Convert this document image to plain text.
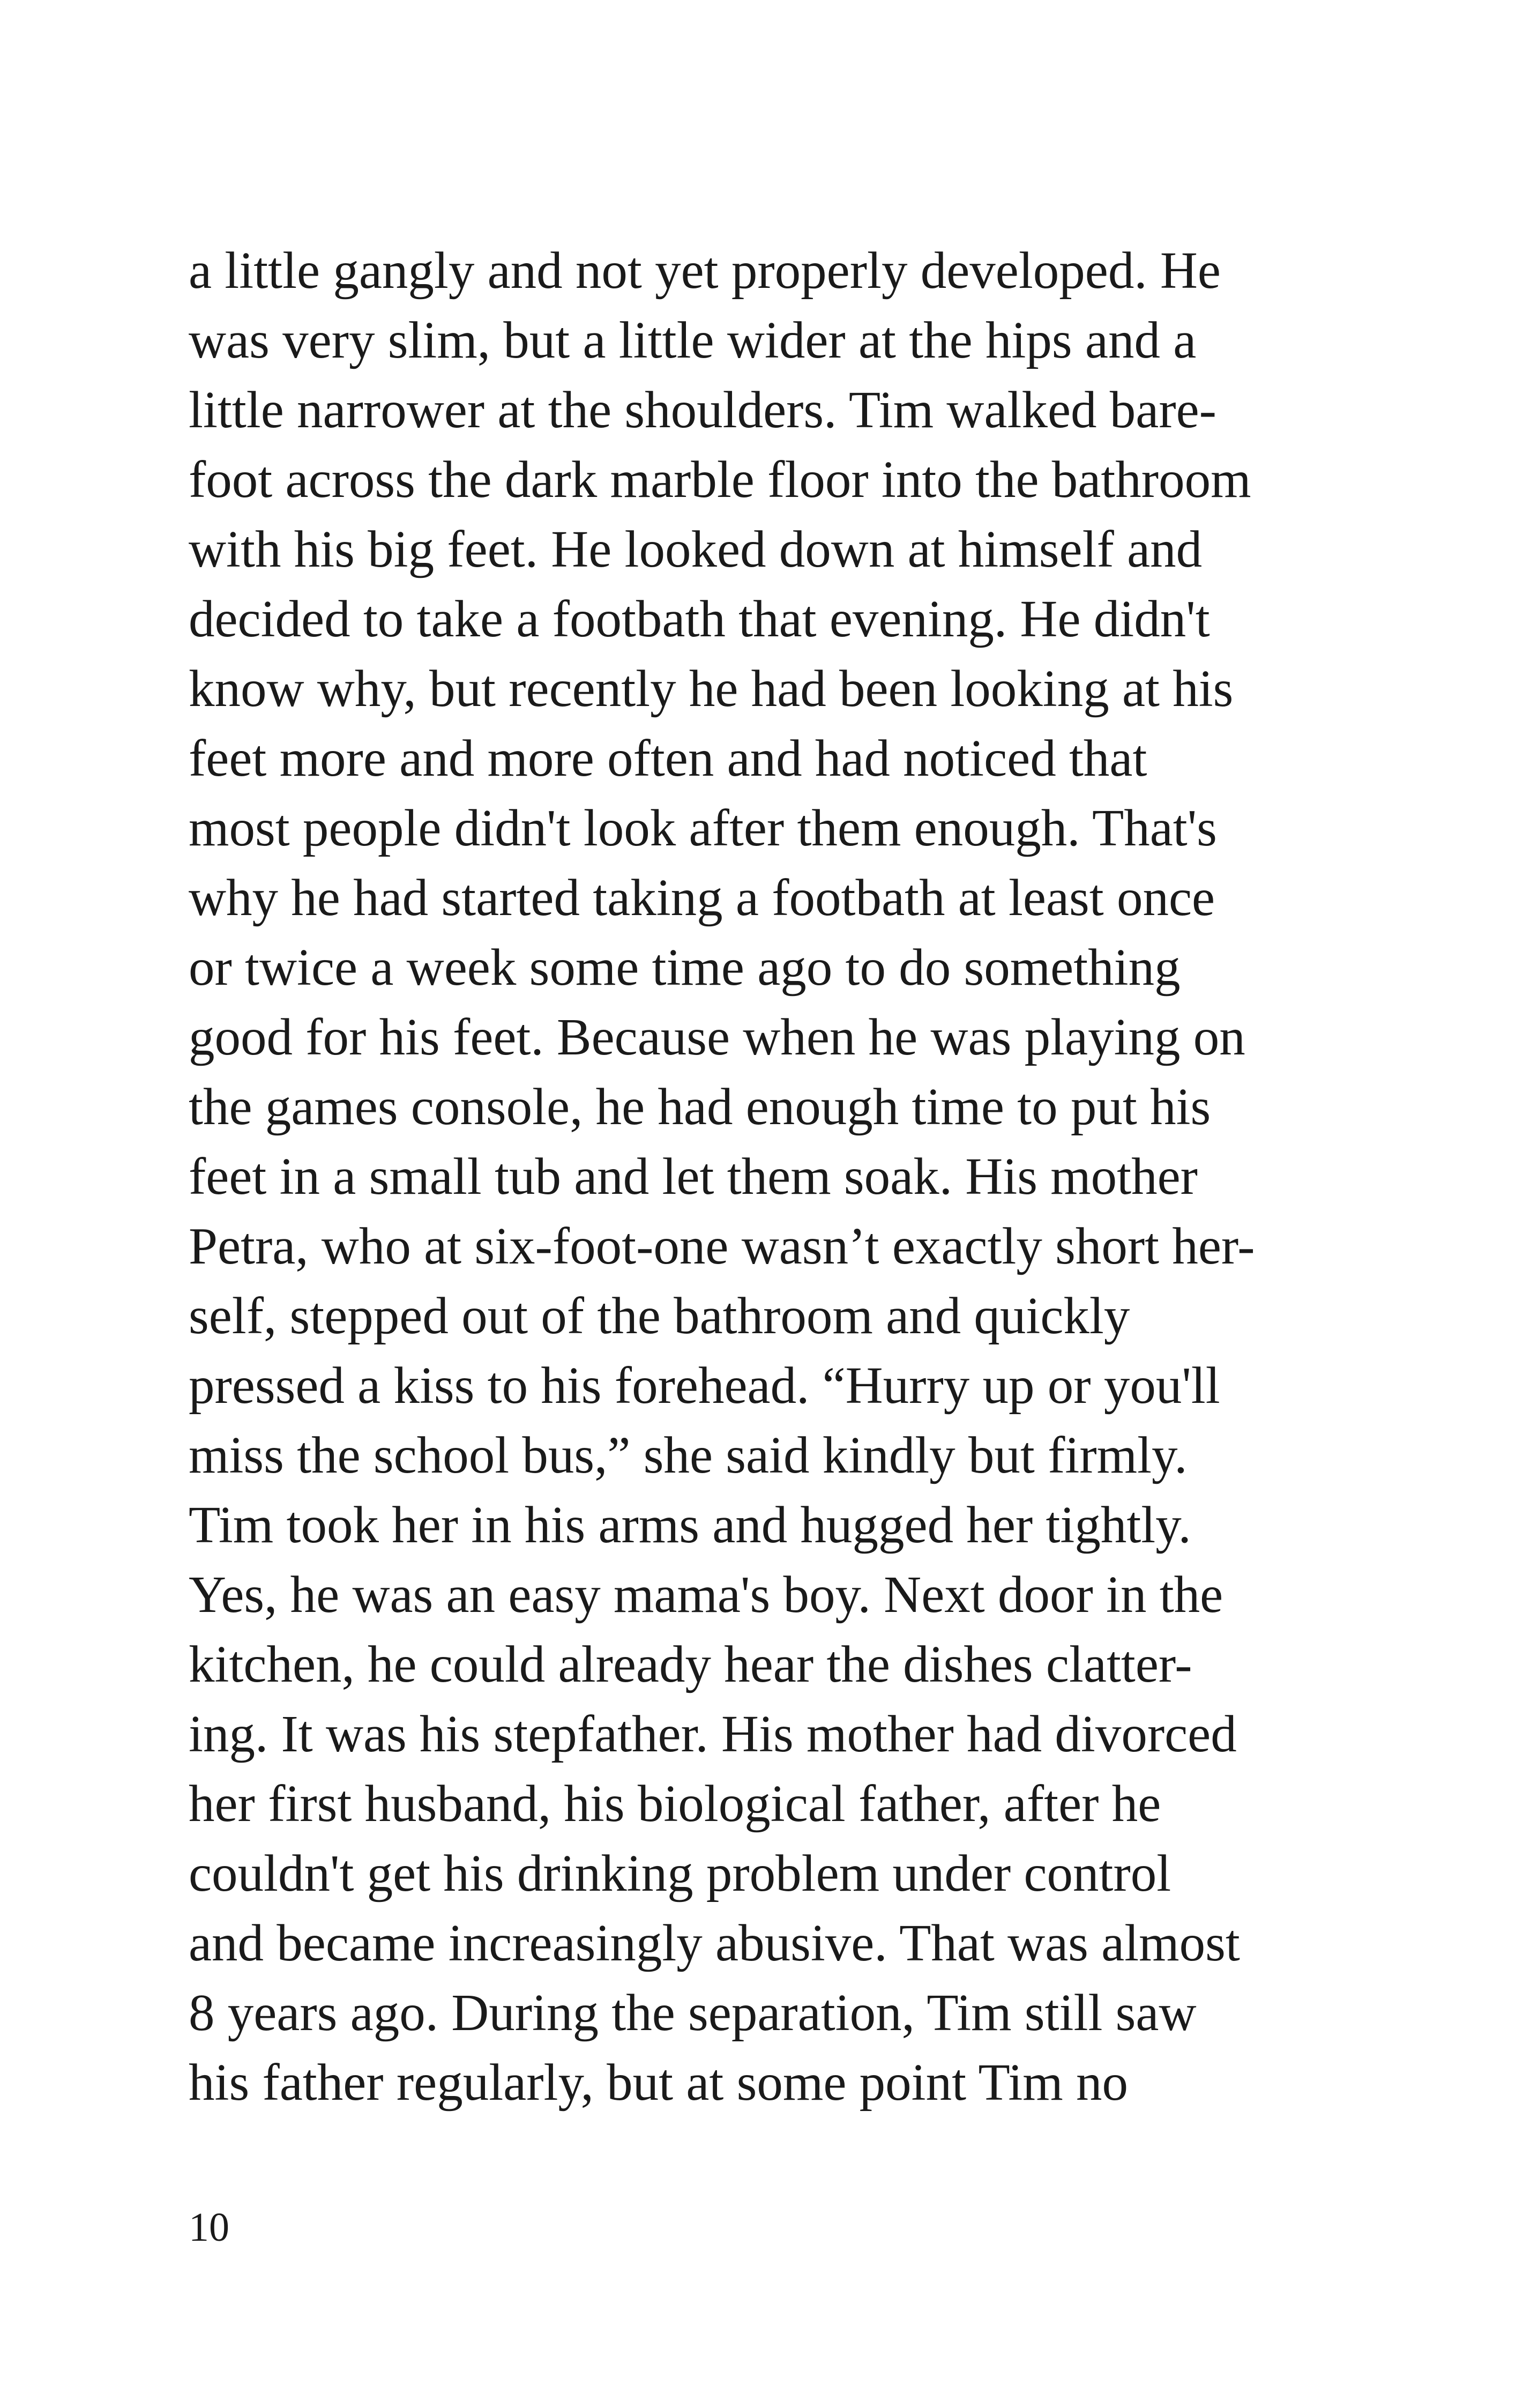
a little gangly and not yet properly developed. He
was very slim, but a little wider at the hips and a
little narrower at the shoulders. Tim walked bare-
foot across the dark marble floor into the bathroom
with his big feet. He looked down at himself and
decided to take a footbath that evening. He didn't
know why, but recently he had been looking at his
feet more and more often and had noticed that
most people didn't look after them enough. That's
why he had started taking a footbath at least once
or twice a week some time ago to do something
good for his feet. Because when he was playing on
the games console, he had enough time to put his
feet in a small tub and let them soak. His mother
Petra, who at six-foot-one wasn’t exactly short her-
self, stepped out of the bathroom and quickly
pressed a kiss to his forehead. “Hurry up or you'll
miss the school bus,” she said kindly but firmly.
Tim took her in his arms and hugged her tightly.
Yes, he was an easy mama's boy. Next door in the
kitchen, he could already hear the dishes clatter-
ing. It was his stepfather. His mother had divorced
her first husband, his biological father, after he
couldn't get his drinking problem under control
and became increasingly abusive. That was almost
8 years ago. During the separation, Tim still saw
his father regularly, but at some point Tim no
10
